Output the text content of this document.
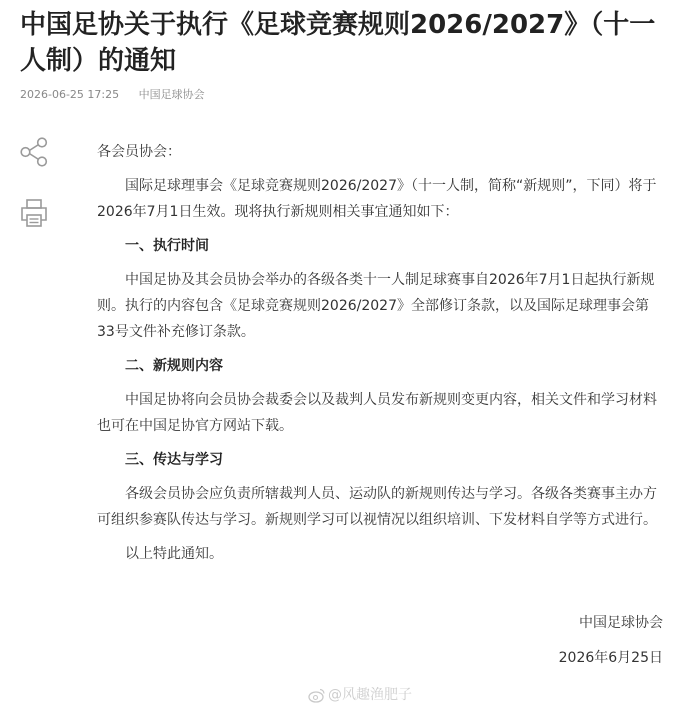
中国足协关于执行《足球竞赛规则2026/2027》（十一人制）的通知
2026-06-25 17:25 中国足球协会

各会员协会：

国际足球理事会《足球竞赛规则2026/2027》（十一人制，简称“新规则”，下同）将于2026年7月1日生效。现将执行新规则相关事宜通知如下：

一、执行时间

中国足协及其会员协会举办的各级各类十一人制足球赛事自2026年7月1日起执行新规则。执行的内容包含《足球竞赛规则2026/2027》全部修订条款，以及国际足球理事会第33号文件补充修订条款。

二、新规则内容

中国足协将向会员协会裁委会以及裁判人员发布新规则变更内容，相关文件和学习材料也可在中国足协官方网站下载。

三、传达与学习

各级会员协会应负责所辖裁判人员、运动队的新规则传达与学习。各级各类赛事主办方可组织参赛队传达与学习。新规则学习可以视情况以组织培训、下发材料自学等方式进行。

以上特此通知。

中国足球协会
2026年6月25日
@风趣渔肥子
